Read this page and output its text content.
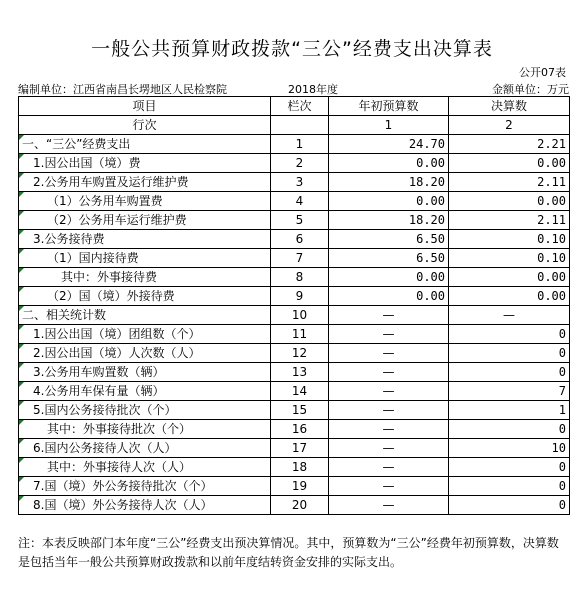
一般公共预算财政拨款“三公”经费支出决算表
公开07表
编制单位：江西省南昌长塄地区人民检察院	2018年度	金额单位：万元
项目	栏次	年初预算数	决算数
行次		1	2

一、“三公”经费支出	1	24.70	2.21

1.因公出国（境）费	2	0.00	0.00

2.公务用车购置及运行维护费	3	18.20	2.11

（1）公务用车购置费	4	0.00	0.00

（2）公务用车运行维护费	5	18.20	2.11

3.公务接待费	6	6.50	0.10

（1）国内接待费	7	6.50	0.10

其中：外事接待费	8	0.00	0.00

（2）国（境）外接待费	9	0.00	0.00

二、相关统计数	10	—	—

1.因公出国（境）团组数（个）	11	—	0

2.因公出国（境）人次数（人）	12	—	0

3.公务用车购置数（辆）	13	—	0

4.公务用车保有量（辆）	14	—	7

5.国内公务接待批次（个）	15	—	1

其中：外事接待批次（个）	16	—	0

6.国内公务接待人次（人）	17	—	10

其中：外事接待人次（人）	18	—	0

7.国（境）外公务接待批次（个）	19	—	0

8.国（境）外公务接待人次（人）	20	—	0
注：本表反映部门本年度“三公”经费支出预决算情况。其中，预算数为“三公”经费年初预算数，决算数是包括当年一般公共预算财政拨款和以前年度结转资金安排的实际支出。
